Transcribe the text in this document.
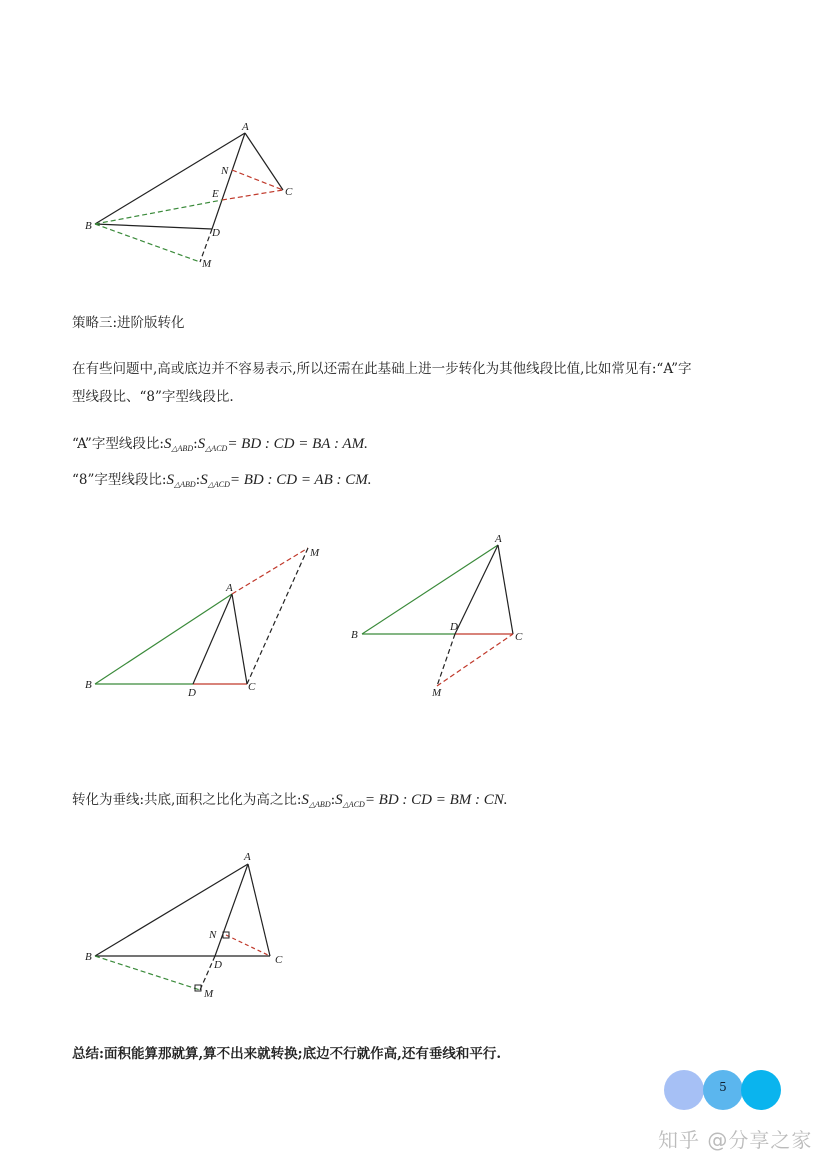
A
N
C
E
B
D
M
A
M
B
D	C
A
B
D
C
M
A
N
B
D	C
M
策略三:进阶版转化
在有些问题中,高或底边并不容易表示,所以还需在此基础上进一步转化为其他线段比值,比如常见有:“A”字
型线段比、“8”字型线段比.
“A”字型线段比$:S_{\triangle ABD}:S_{\triangle ACD}=$ BD : CD = BA : AM.
“8”字型线段比$:S_{\triangle ABD}:S_{\triangle ACD}=$ BD : CD = AB : CM.
转化为垂线:共底,面积之比化为高之比$:S_{\triangle ABD}:S_{\triangle ACD}=$ BD : CD = BM : CN.
总结:面积能算那就算,算不出来就转换;底边不行就作高,还有垂线和平行.
5
知乎 @分享之家
